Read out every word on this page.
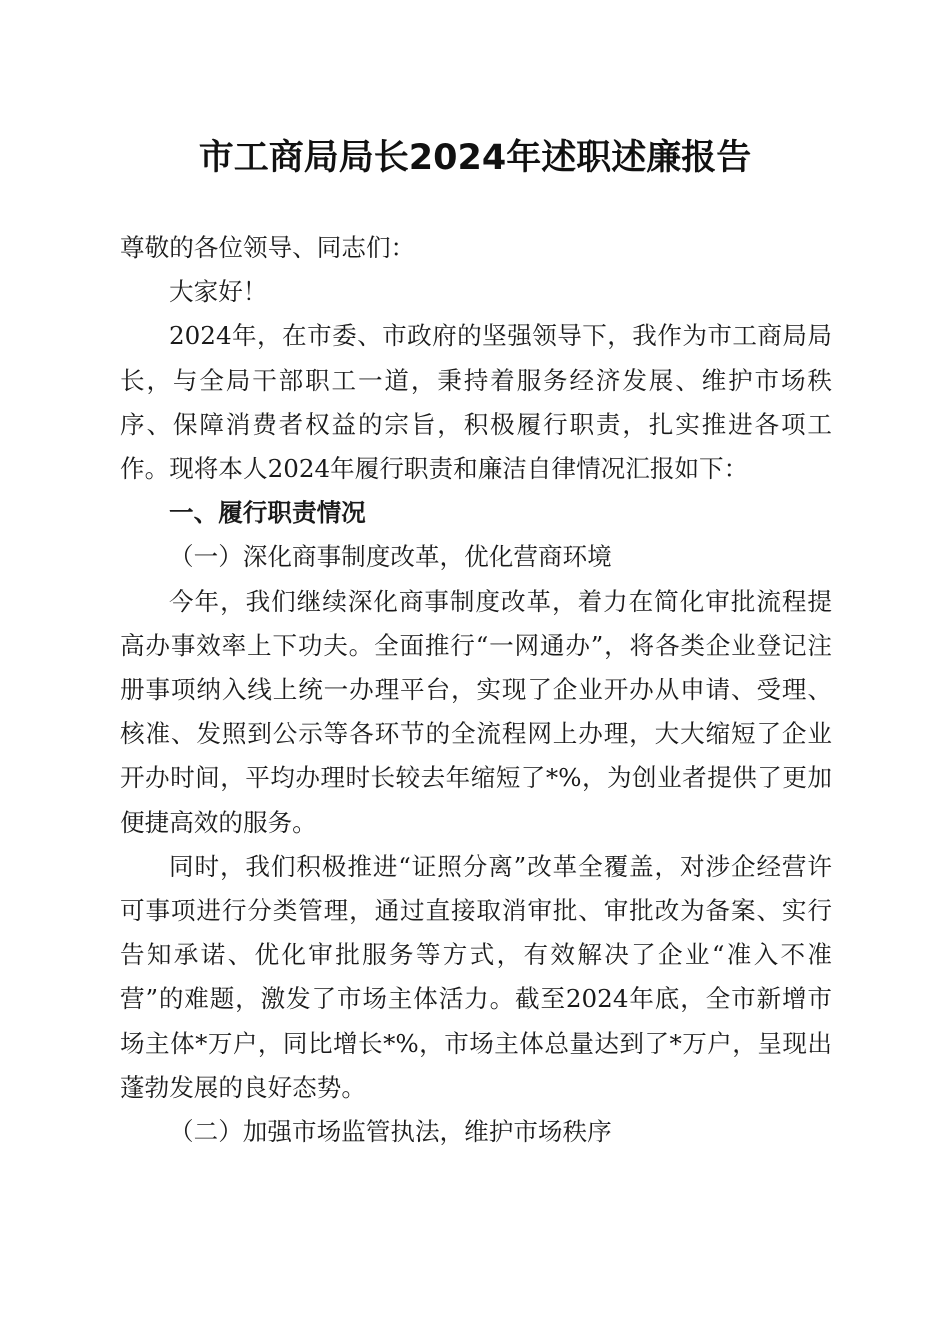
市工商局局长2024年述职述廉报告

尊敬的各位领导、同志们：

大家好！

2024年，在市委、市政府的坚强领导下，我作为市工商局局长，与全局干部职工一道，秉持着服务经济发展、维护市场秩序、保障消费者权益的宗旨，积极履行职责，扎实推进各项工作。现将本人2024年履行职责和廉洁自律情况汇报如下：

一、履行职责情况

（一）深化商事制度改革，优化营商环境

今年，我们继续深化商事制度改革，着力在简化审批流程提高办事效率上下功夫。全面推行“一网通办”，将各类企业登记注册事项纳入线上统一办理平台，实现了企业开办从申请、受理、核准、发照到公示等各环节的全流程网上办理，大大缩短了企业开办时间，平均办理时长较去年缩短了*%，为创业者提供了更加便捷高效的服务。

同时，我们积极推进“证照分离”改革全覆盖，对涉企经营许可事项进行分类管理，通过直接取消审批、审批改为备案、实行告知承诺、优化审批服务等方式，有效解决了企业“准入不准营”的难题，激发了市场主体活力。截至2024年底，全市新增市场主体*万户，同比增长*%，市场主体总量达到了*万户，呈现出蓬勃发展的良好态势。

（二）加强市场监管执法，维护市场秩序
